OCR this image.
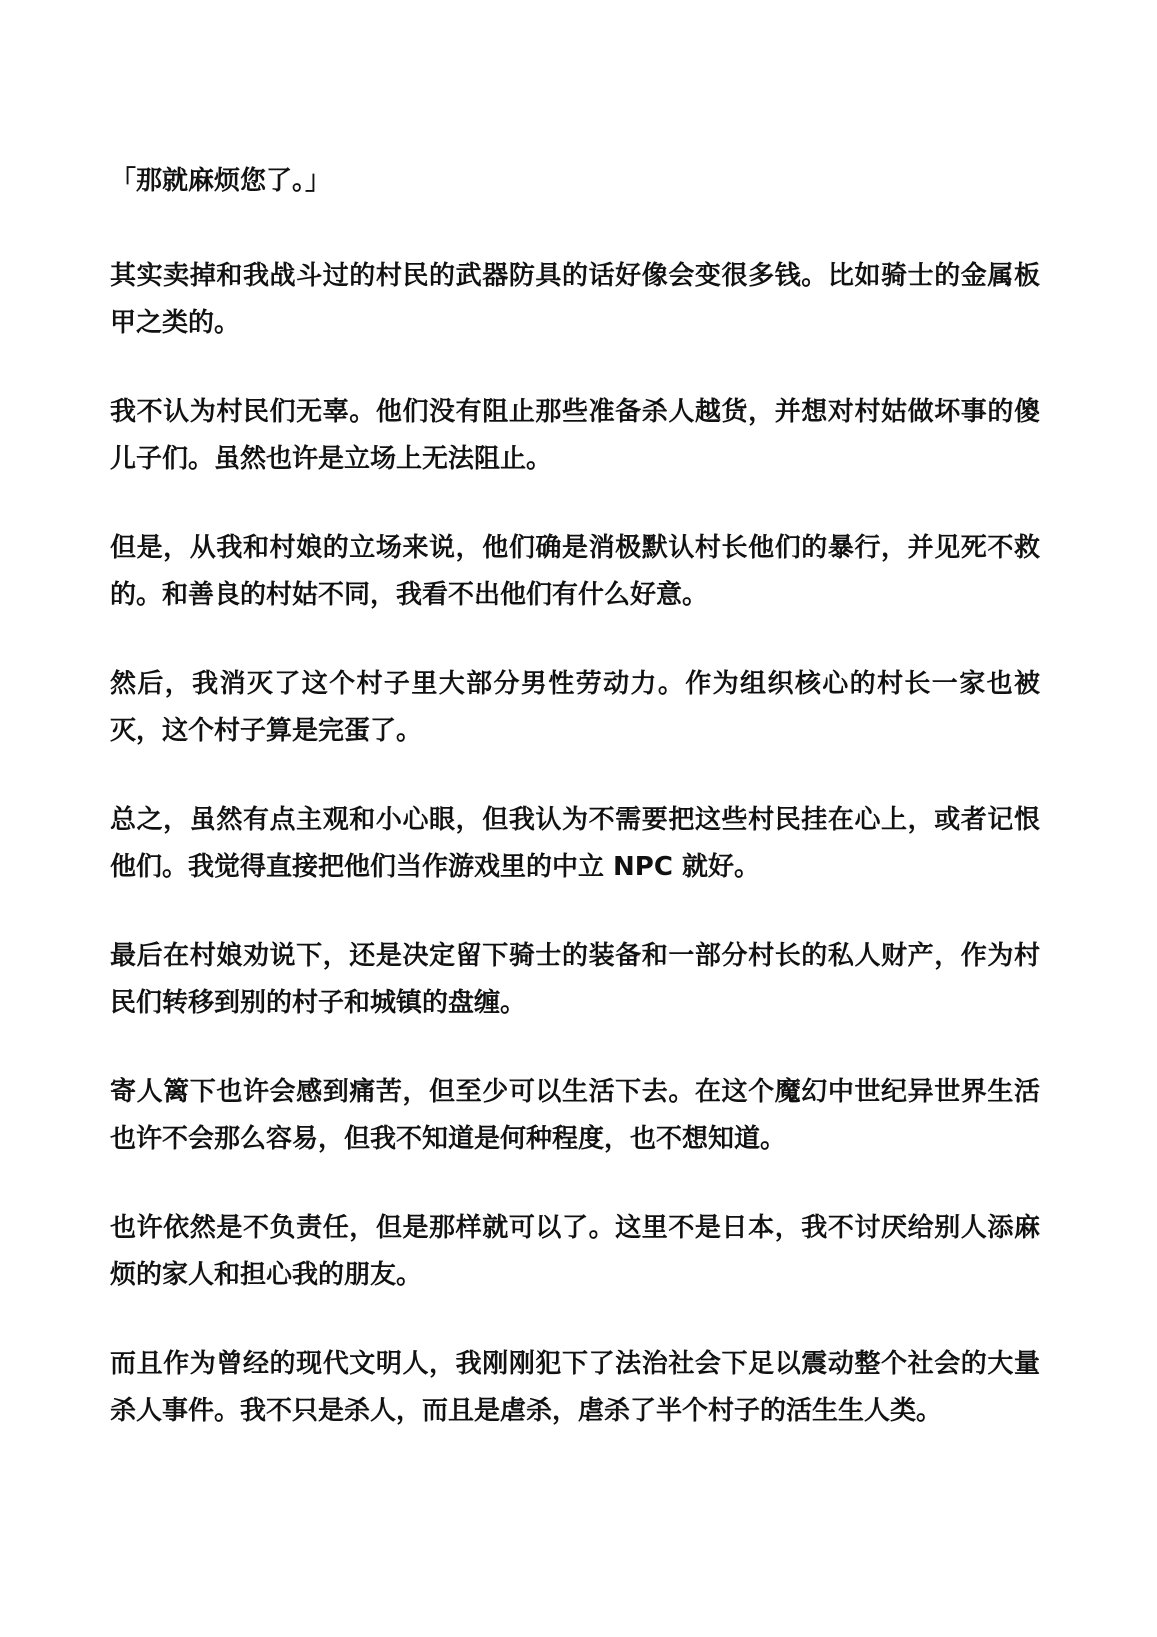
「那就麻烦您了。」

其实卖掉和我战斗过的村民的武器防具的话好像会变很多钱。比如骑士的金属板甲之类的。

我不认为村民们无辜。他们没有阻止那些准备杀人越货，并想对村姑做坏事的傻儿子们。虽然也许是立场上无法阻止。

但是，从我和村娘的立场来说，他们确是消极默认村长他们的暴行，并见死不救的。和善良的村姑不同，我看不出他们有什么好意。

然后，我消灭了这个村子里大部分男性劳动力。作为组织核心的村长一家也被灭，这个村子算是完蛋了。

总之，虽然有点主观和小心眼，但我认为不需要把这些村民挂在心上，或者记恨他们。我觉得直接把他们当作游戏里的中立 NPC 就好。

最后在村娘劝说下，还是决定留下骑士的装备和一部分村长的私人财产，作为村民们转移到别的村子和城镇的盘缠。

寄人篱下也许会感到痛苦，但至少可以生活下去。在这个魔幻中世纪异世界生活也许不会那么容易，但我不知道是何种程度，也不想知道。

也许依然是不负责任，但是那样就可以了。这里不是日本，我不讨厌给别人添麻烦的家人和担心我的朋友。

而且作为曾经的现代文明人，我刚刚犯下了法治社会下足以震动整个社会的大量杀人事件。我不只是杀人，而且是虐杀，虐杀了半个村子的活生生人类。
